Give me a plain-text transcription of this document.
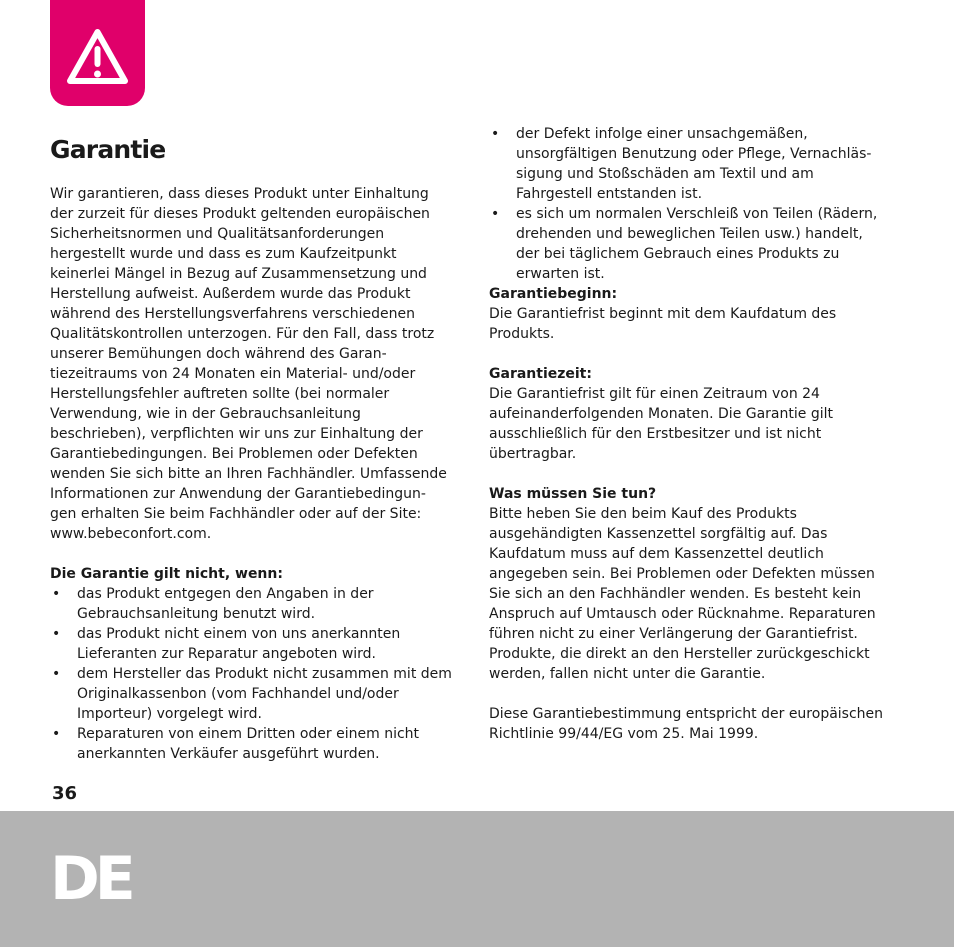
Garantie

Wir garantieren, dass dieses Produkt unter Einhaltung
der zurzeit für dieses Produkt geltenden europäischen
Sicherheitsnormen und Qualitätsanforderungen
hergestellt wurde und dass es zum Kaufzeitpunkt
keinerlei Mängel in Bezug auf Zusammensetzung und
Herstellung aufweist. Außerdem wurde das Produkt
während des Herstellungsverfahrens verschiedenen
Qualitätskontrollen unterzogen. Für den Fall, dass trotz
unserer Bemühungen doch während des Garan-
tiezeitraums von 24 Monaten ein Material- und/oder
Herstellungsfehler auftreten sollte (bei normaler
Verwendung, wie in der Gebrauchsanleitung
beschrieben), verpflichten wir uns zur Einhaltung der
Garantiebedingungen. Bei Problemen oder Defekten
wenden Sie sich bitte an Ihren Fachhändler. Umfassende
Informationen zur Anwendung der Garantiebedingun-
gen erhalten Sie beim Fachhändler oder auf der Site:
www.bebeconfort.com.

Die Garantie gilt nicht, wenn:

• das Produkt entgegen den Angaben in der
Gebrauchsanleitung benutzt wird.
• das Produkt nicht einem von uns anerkannten
Lieferanten zur Reparatur angeboten wird.
• dem Hersteller das Produkt nicht zusammen mit dem
Originalkassenbon (vom Fachhandel und/oder
Importeur) vorgelegt wird.
• Reparaturen von einem Dritten oder einem nicht
anerkannten Verkäufer ausgeführt wurden.
• der Defekt infolge einer unsachgemäßen,
unsorgfältigen Benutzung oder Pflege, Vernachläs-
sigung und Stoßschäden am Textil und am
Fahrgestell entstanden ist.
• es sich um normalen Verschleiß von Teilen (Rädern,
drehenden und beweglichen Teilen usw.) handelt,
der bei täglichem Gebrauch eines Produkts zu
erwarten ist.

Garantiebeginn:

Die Garantiefrist beginnt mit dem Kaufdatum des
Produkts.

Garantiezeit:

Die Garantiefrist gilt für einen Zeitraum von 24
aufeinanderfolgenden Monaten. Die Garantie gilt
ausschließlich für den Erstbesitzer und ist nicht
übertragbar.

Was müssen Sie tun?

Bitte heben Sie den beim Kauf des Produkts
ausgehändigten Kassenzettel sorgfältig auf. Das
Kaufdatum muss auf dem Kassenzettel deutlich
angegeben sein. Bei Problemen oder Defekten müssen
Sie sich an den Fachhändler wenden. Es besteht kein
Anspruch auf Umtausch oder Rücknahme. Reparaturen
führen nicht zu einer Verlängerung der Garantiefrist.
Produkte, die direkt an den Hersteller zurückgeschickt
werden, fallen nicht unter die Garantie.

Diese Garantiebestimmung entspricht der europäischen
Richtlinie 99/44/EG vom 25. Mai 1999.

36
DE
